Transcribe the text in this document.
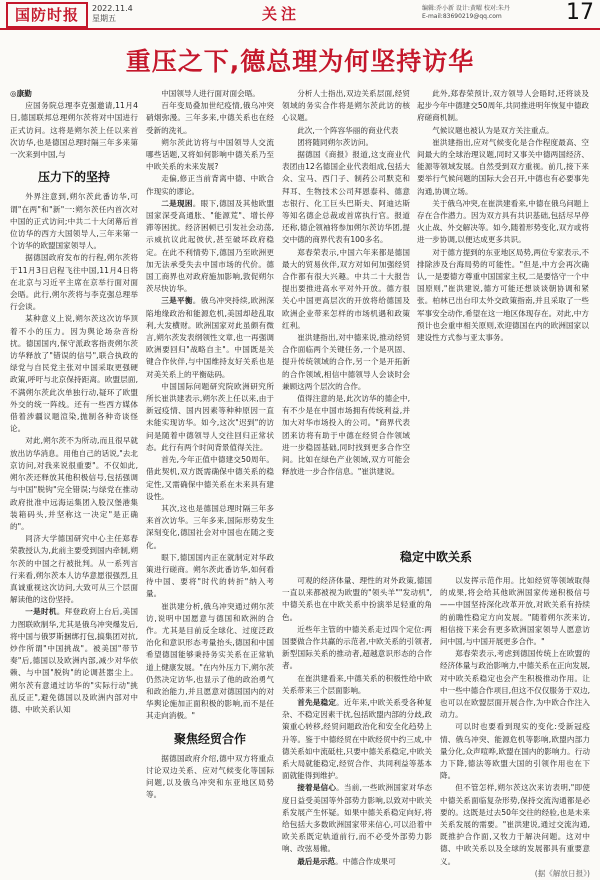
国防时报	2022.11.4
星期五	关注	编辑:乔小新 设计:黄曜 校对:朱丹
E-mail:83690219@qq.com	17
重压之下,德总理为何坚持访华

◎康勤

应国务院总理李克强邀请,11月4日,德国联邦总理朔尔茨将对中国进行正式访问。这将是朔尔茨上任以来首次访华,也是德国总理时隔三年多来第一次来到中国,与

压力下的坚持

外界注意到,朔尔茨此番访华,可谓"在两"和"新"一:朔尔茨任内首次对中国的正式访问;中共二十大闭幕后首位访华的西方大国领导人,三年来第一个访华的欧盟国家领导人。

据德国政府发布的行程,朔尔茨将于11月3日启程飞往中国,11月4日将在北京与习近平主席在京举行面对面会晤。此行,朔尔茨将与李克强总理举行会谈。

某种意义上说,朔尔茨这次访华顶着不小的压力。因为舆论场杂音纷扰。德国国内,保守派政客指责朔尔茨访华释放了"错误的信号",联合执政的绿党与自民党主张对中国采取更强硬政策,呼吁与北京保持距离。欧盟层面,不满朔尔茨此次单独行动,疑环了欧盟外交的统一阵线。还有一些西方媒体借着涉疆议题渲染,抛制各种奇谈怪论。

对此,朔尔茨不为所动,而且很早就放出访华消息。用他自己的话说,"去北京访问,对我来说很重要"。不仅如此,朔尔茨还释放其他积极信号,包括强调与中国"脱钩"完全错误;与绿党在推动政府批准中远海运集团入股汉堡港集装箱码头,并坚称这一决定"是正确的"。

同济大学德国研究中心主任郑春荣教授认为,此前主要受到国内牵制,朔尔茨的中国之行被批判。从一系列言行来看,朔尔茨本人访华意愿很强烈,且真诚重视这次访问,大致可从三个层面解读他的这份坚持。

一是时机。拜登政府上台后,美国力图联欧制华,尤其是俄乌冲突爆发后,将中国与俄罗斯捆绑打包,搞集团对抗,炒作所谓"中国挑战"。被美国"带节奏"后,德国以及欧洲内部,减少对华依赖、与中国"脱钩"的论调甚嚣尘上。朔尔茨有意通过访华的"实际行动"挑乱反正",避免德国以及欧洲内部对中德、中欧关系认知

中国领导人进行面对面会晤。

百年变局叠加世纪疫情,俄乌冲突硝烟弥漫。三年多来,中德关系也在经受新的洗礼。

朔尔茨此访将与中国领导人交流哪些话题,又将如何影响中德关系乃至中欧关系的未来发展?

走偏,修正当前背离中德、中欧合作现实的谬论。

二是现困。眼下,德国及其他欧盟国家深受高通胀、"能源荒"、增长停滞等困扰。经济困顿已引发社会动荡,示威抗议此起彼伏,甚至破坏政府稳定。在此不利情势下,德国乃至欧洲更加无法承受失去中国市场的代价。德国工商界也对政府施加影响,敦促朔尔茨尽快访华。

三是平衡。俄乌冲突持续,欧洲深陷地缘政治和能源危机,美国却趁乱取利,大发横财。欧洲国家对此虽颇有微言,朔尔茨发表纲领性文章,也一再强调欧洲要回归"战略自主"。中国既是关键合作伙伴,与中国维持友好关系也是对美关系上的平衡砝码。

中国国际问题研究院欧洲研究所所长崔洪建表示,朔尔茨上任以来,由于新冠疫情、国内因素等种种原因一直未能实现访华。如今,这次"迟到"的访问是随着中德领导人交往回归正常状态。此行有两个时间背景值得关注。

首先,今年正值中德建交50周年。借此契机,双方既需确保中德关系的稳定性,又需确保中德关系在未来具有建设性。

其次,这也是德国总理时隔三年多来首次访华。三年多来,国际形势发生深刻变化,德国社会对中国也在随之变化。

眼下,德国国内正在就制定对华政策进行磋商。朔尔茨此番访华,如何看待中国、要将"时代的转折"纳入考量。

崔洪建分析,俄乌冲突通过朔尔茨访,说明中国愿意与德国和欧洲的合作。尤其是目前反全球化、过度泛政治化和意识形态考量抬头,德国和中国希望德国能够秉持务实关系在正常轨道上健康发展。"在内外压力下,朔尔茨仍然决定访华,也显示了他的政治勇气和政治能力,并且愿意对德国国内的对华舆论施加正面积极的影响,而不是任其走向消极。"

聚焦经贸合作

据德国政府介绍,德中双方将重点讨论双边关系、应对气候变化等国际问题,以及俄乌冲突和东亚地区局势等。

分析人士指出,双边关系层面,经贸领域的务实合作将是朔尔茨此访的核心议题。

此次,一个阵容华丽的商业代表

团将随同朔尔茨访问。

据德国《商报》报道,这支商业代表团由12名德国企业代表组成,包括大众、宝马、西门子、制药公司默克和拜耳、生物技术公司拜恩泰科、德意志银行、化工巨头巴斯夫、阿迪达斯等知名德企总裁或首席执行官。报道还称,德企领袖将参加朔尔茨访华团,提交中德的商界代表有100多名。

郑春荣表示,中国六年来都是德国最大的贸易伙伴,双方对如何加强经贸合作都有很大兴趣。中共二十大报告提出要推进高水平对外开放。德方很关心中国更高层次的开放将给德国及欧洲企业带来怎样的市场机遇和政策红利。

崔洪建指出,对中德来说,推动经贸合作面临两个关键任务,一个是巩固、提升传统领域的合作,另一个是开拓新的合作领域,相信中德领导人会谈时会兼顾这两个层次的合作。

值得注意的是,此次访华的德企中,有不少是在中国市场拥有传统利益,并加大对华市场投入的公司。"商界代表团来访将有助于中德在经贸合作领域进一步稳固基础,同时找到更多合作空间。比如在绿色产业领域,双方可能会释放进一步合作信息。"崔洪建说。

此外,郑春荣预计,双方领导人会晤时,还将谈及起步今年中德建交50周年,共同推进明年恢复中德政府磋商机制。

气候议题也被认为是双方关注重点。

崔洪建指出,应对气候变化是合作程度最高、空间最大的全球治理议题,同时又事关中德两国经济、能源等领域发展。自然受到双方重视。前几,接下来要举行气候问题的国际大会召开,中德也有必要事先沟通,协调立场。

关于俄乌冲突,在崔洪建看来,中德在俄乌问题上存在合作潜力。因为双方具有共识基础,包括尽早停火止战、外交解决等。如今,随着形势变化,双方或将进一步协调,以便达成更多共识。

对于德方提到的东亚地区局势,两位专家表示,不排除涉及台海局势的可能性。"但是,中方会再次确认,一是要德方尊重中国国家主权,二是要恪守一个中国原则,"崔洪建说,德方可能还想谈谈朝协调和紧张。柏林已出台印太外交政策指南,并且采取了一些军事安全动作,希望在这一地区体现存在。对此,中方预计也会重申相关原则,欢迎德国在内的欧洲国家以建设性方式参与亚太事务。

稳定中欧关系

可观的经济体量、理性的对外政策,德国一直以来都被视为欧盟的"领头羊""发动机",中德关系也在中欧关系中扮演举足轻重的角色。

近些年主管的中德关系走过四个定位:两国要做合作共赢的示范者,中欧关系的引领者,新型国际关系的推动者,超越意识形态的合作者。

在崔洪建看来,中德关系的积极性给中欧关系带来三个层面影响。

首先是稳定。近年来,中欧关系受各种复杂、不稳定因素干扰,包括欧盟内部的分歧,政策重心转移,经贸问题政治化和安全化趋势上升等。鉴于中德经贸在中欧经贸中约三成,中德关系如中流砥柱,只要中德关系稳定,中欧关系大局就能稳定,经贸合作、共同利益等基本面就能得到维护。

接着是信心。当前,一些欧洲国家对华态度日益受美国等外部势力影响,以致对中欧关系发展产生怀疑。如果中德关系稳定向好,将给包括大多数欧洲国家带来信心,可以沿着中欧关系既定轨道前行,而不必受外部势力影响、改弦易辙。

最后是示范。中德合作成果可

以发挥示范作用。比如经贸等领域取得的成果,将会给其他欧洲国家传递积极信号——中国坚持深化改革开放,对欧关系有持续的前瞻性稳定方向发展。"随着朔尔茨来访,相信接下来会有更多欧洲国家领导人愿意访问中国,与中国开展更多合作。"

郑春荣表示,考虑到德国传统上在欧盟的经济体量与政治影响力,中德关系在正向发展,对中欧关系稳定也会产生积极推动作用。让中一些中德合作项目,但这不仅仅服务于双边,也可以在欧盟层面开展合作,为中欧合作注入动力。

可以时也要看到现实的变化:受新冠疫情、俄乌冲突、能源危机等影响,欧盟内部力量分化,众声喧哗,欧盟在国内的影响力。行动力下降,德法等欧盟大国的引领作用也在下降。

但不管怎样,朔尔茨这次来访表明,"即使中德关系面临复杂形势,保持交流沟通都是必要的。这既是过去50年交往的经验,也是未来关系发展的需要。"崔洪建说,通过交流沟通,既推护合作面,又牧力于解决问题。这对中德、中欧关系以及全球的发展都具有重要意义。

(据《解放日报》)
